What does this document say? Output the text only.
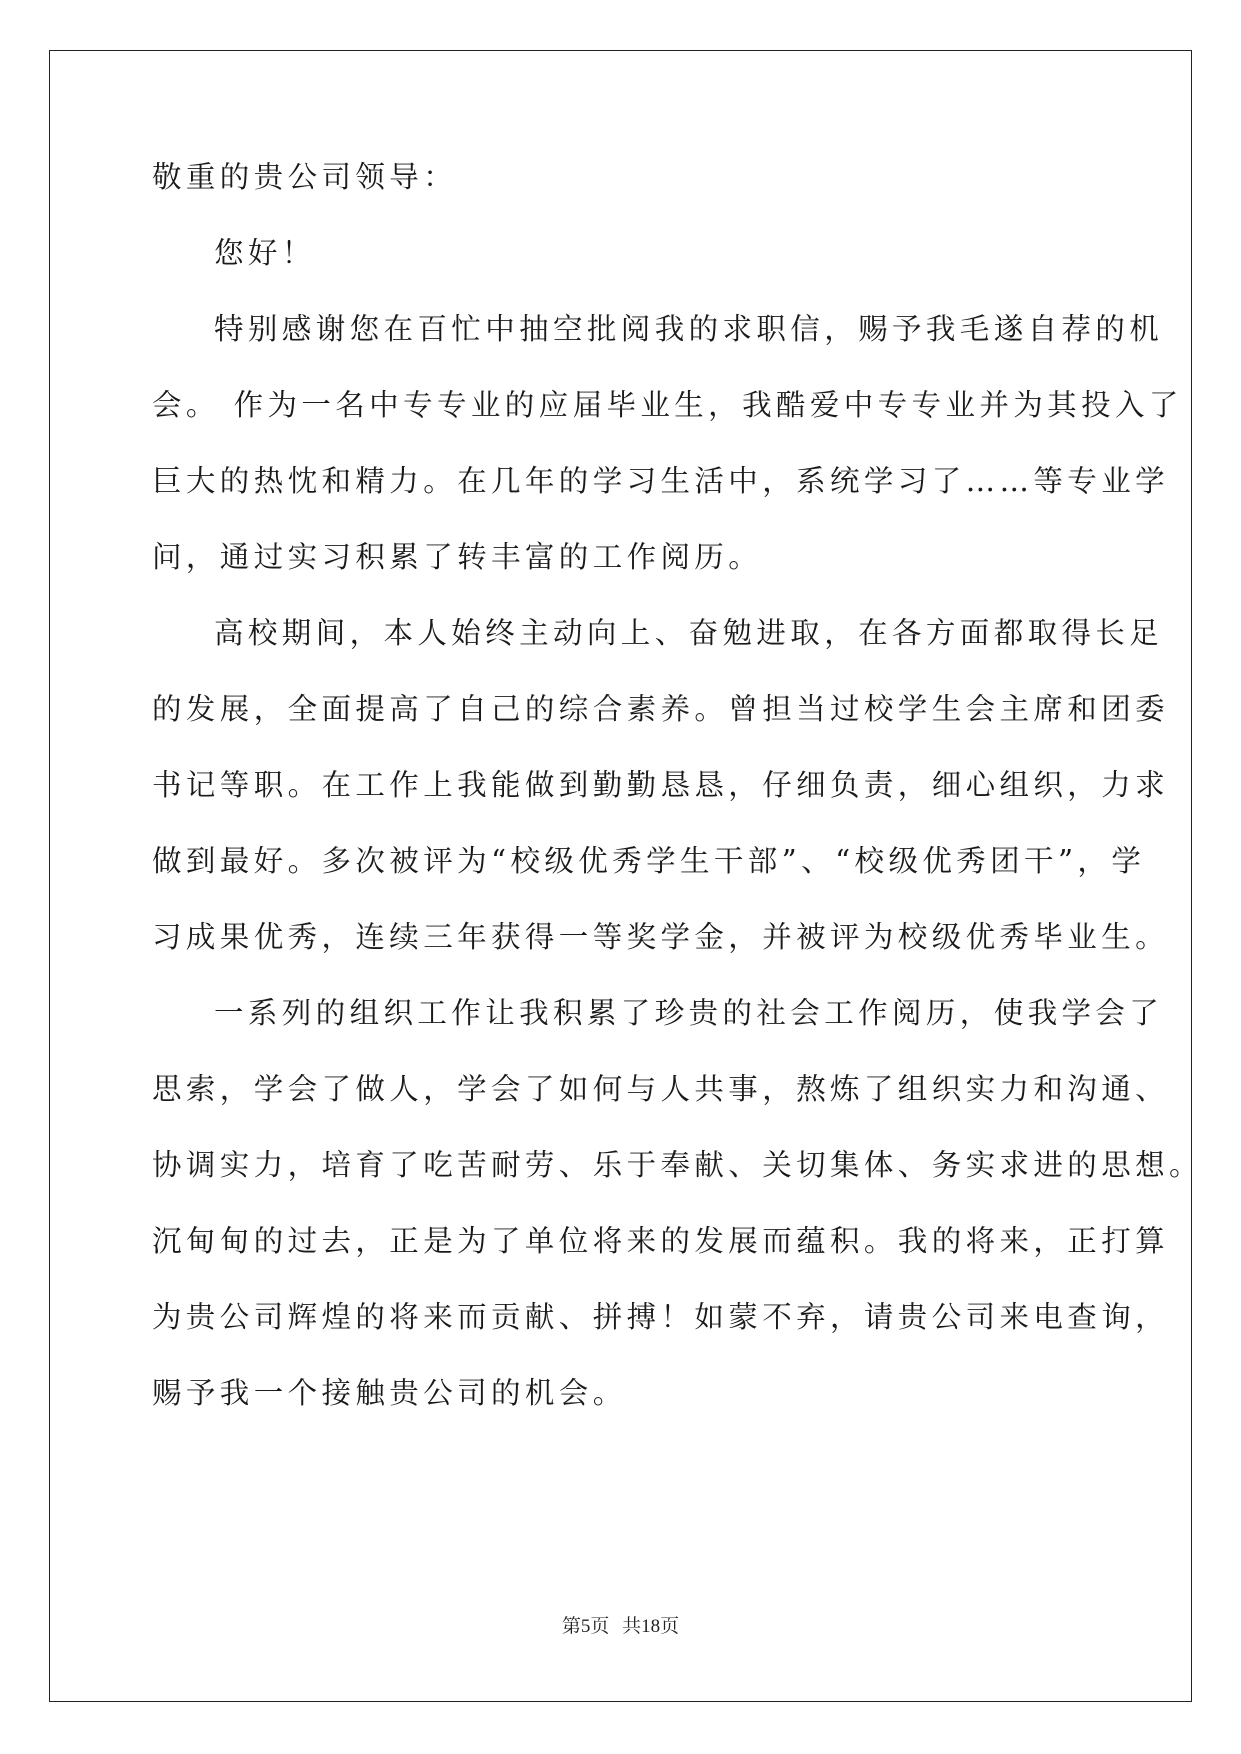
敬重的贵公司领导：
您好！
特别感谢您在百忙中抽空批阅我的求职信，赐予我毛遂自荐的机
会。 作为一名中专专业的应届毕业生，我酷爱中专专业并为其投入了
巨大的热忱和精力。在几年的学习生活中，系统学习了……等专业学
问，通过实习积累了转丰富的工作阅历。
高校期间，本人始终主动向上、奋勉进取，在各方面都取得长足
的发展，全面提高了自己的综合素养。曾担当过校学生会主席和团委
书记等职。在工作上我能做到勤勤恳恳，仔细负责，细心组织，力求
做到最好。多次被评为“校级优秀学生干部”、“校级优秀团干”，学
习成果优秀，连续三年获得一等奖学金，并被评为校级优秀毕业生。
一系列的组织工作让我积累了珍贵的社会工作阅历，使我学会了
思索，学会了做人，学会了如何与人共事，熬炼了组织实力和沟通、
协调实力，培育了吃苦耐劳、乐于奉献、关切集体、务实求进的思想。
沉甸甸的过去，正是为了单位将来的发展而蕴积。我的将来，正打算
为贵公司辉煌的将来而贡献、拼搏！如蒙不弃，请贵公司来电查询，
赐予我一个接触贵公司的机会。
第5页 共18页
